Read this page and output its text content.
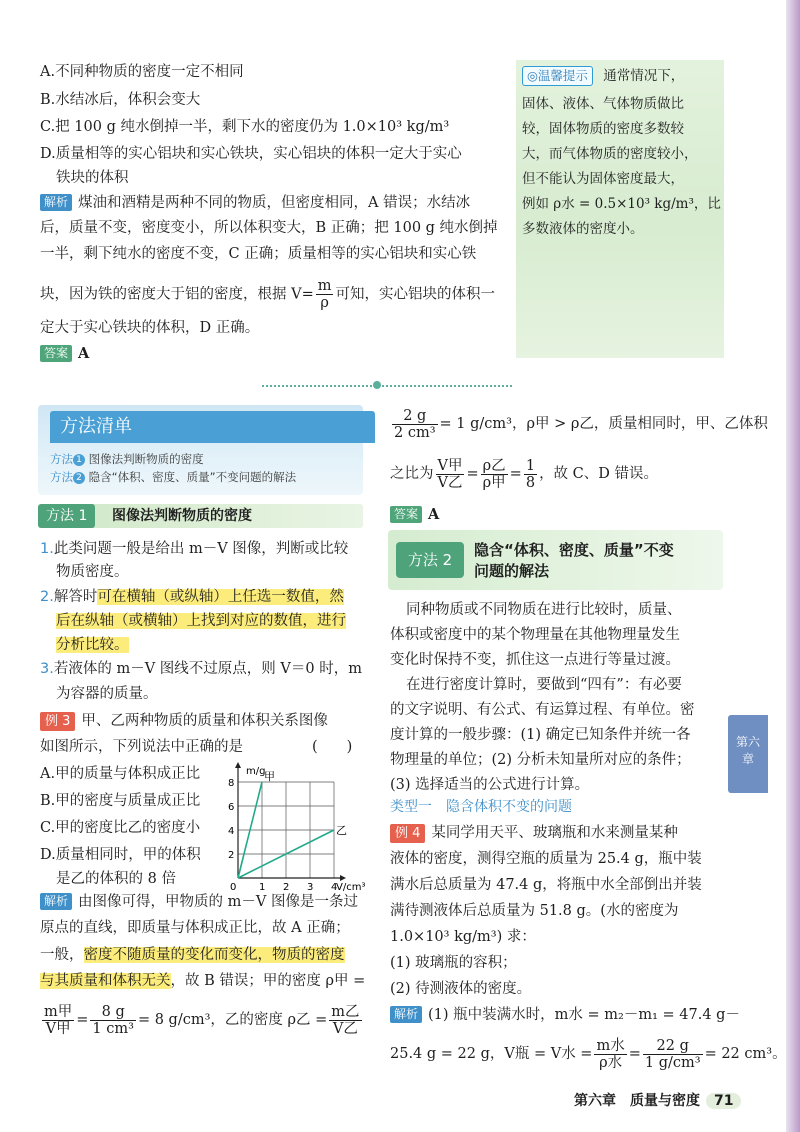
A.不同种物质的密度一定不相同
B.水结冰后，体积会变大
C.把 100 g 纯水倒掉一半，剩下水的密度仍为 1.0×10³ kg/m³
D.质量相等的实心铝块和实心铁块，实心铝块的体积一定大于实心
铁块的体积
解析 煤油和酒精是两种不同的物质，但密度相同，A 错误；水结冰
后，质量不变，密度变小，所以体积变大，B 正确；把 100 g 纯水倒掉
一半，剩下纯水的密度不变，C 正确；质量相等的实心铝块和实心铁
块，因为铁的密度大于铝的密度，根据 $V= \frac{m}{\rho}$ 可知，实心铝块的体积一
定大于实心铁块的体积，D 正确。
答案 A
◎温馨提示 通常情况下，
固体、液体、气体物质做比
较，固体物质的密度多数较
大，而气体物质的密度较小，
但不能认为固体密度最大，
例如 ρ水 = 0.5×10³ kg/m³，比
多数液体的密度小。
方法清单
方法 1 图像法判断物质的密度
方法 2 隐含“体积、密度、质量”不变问题的解法
方法 1	图像法判断物质的密度
1.此类问题一般是给出 m－V 图像，判断或比较
物质密度。
2.解答时可在横轴（或纵轴）上任选一数值，然
后在纵轴（或横轴）上找到对应的数值，进行
分析比较。
3.若液体的 m－V 图线不过原点，则 V＝0 时，m
为容器的质量。
例 3 甲、乙两种物质的质量和体积关系图像
如图所示，下列说法中正确的是	(　　)
A.甲的质量与体积成正比
B.甲的密度与质量成正比
C.甲的密度比乙的密度小
D.质量相同时，甲的体积
是乙的体积的 8 倍
1 2 3 4
2
4
6
8
甲
乙
m/g
V/cm³
0
解析 由图像可得，甲物质的 m－V 图像是一条过
原点的直线，即质量与体积成正比，故 A 正确；
一般，密度不随质量的变化而变化，物质的密度
与其质量和体积无关，故 B 错误；甲的密度 ρ甲 =
$\frac{\text{m甲}}{\text{V甲}} = \frac{8 g}{\text{1 cm³}} = 8$ g/cm³，乙的密度 ρ乙 = $\frac{\text{m乙}}{\text{V乙}}$
$\frac{2 g}{\text{2 cm³}} = 1$ g/cm³，ρ甲 > ρ乙，质量相同时，甲、乙体积
之比为 $\frac{\text{V甲}}{\text{V乙}} = \frac{\text{ρ乙}}{\text{ρ甲}} = \frac{1}{8}$ ，故 C、D 错误。
答案 A
方法 2
隐含“体积、密度、质量”不变
问题的解法
同种物质或不同物质在进行比较时，质量、
体积或密度中的某个物理量在其他物理量发生
变化时保持不变，抓住这一点进行等量过渡。
在进行密度计算时，要做到“四有”：有必要
的文字说明、有公式、有运算过程、有单位。密
度计算的一般步骤：(1) 确定已知条件并统一各
物理量的单位；(2) 分析未知量所对应的条件；
(3) 选择适当的公式进行计算。
类型一　隐含体积不变的问题
例 4 某同学用天平、玻璃瓶和水来测量某种
液体的密度，测得空瓶的质量为 25.4 g，瓶中装
满水后总质量为 47.4 g，将瓶中水全部倒出并装
满待测液体后总质量为 51.8 g。(水的密度为
1.0×10³ kg/m³) 求：
(1) 玻璃瓶的容积；
(2) 待测液体的密度。
解析 (1) 瓶中装满水时，m水 = m₂－m₁ = 47.4 g－
25.4 g = 22 g，V瓶 = V水 = $\frac{\text{m水}}{\text{ρ水}} = \frac{22 g}{\text{1 g/cm³}} = 22$ cm³。
第六
章
第六章　质量与密度 71
